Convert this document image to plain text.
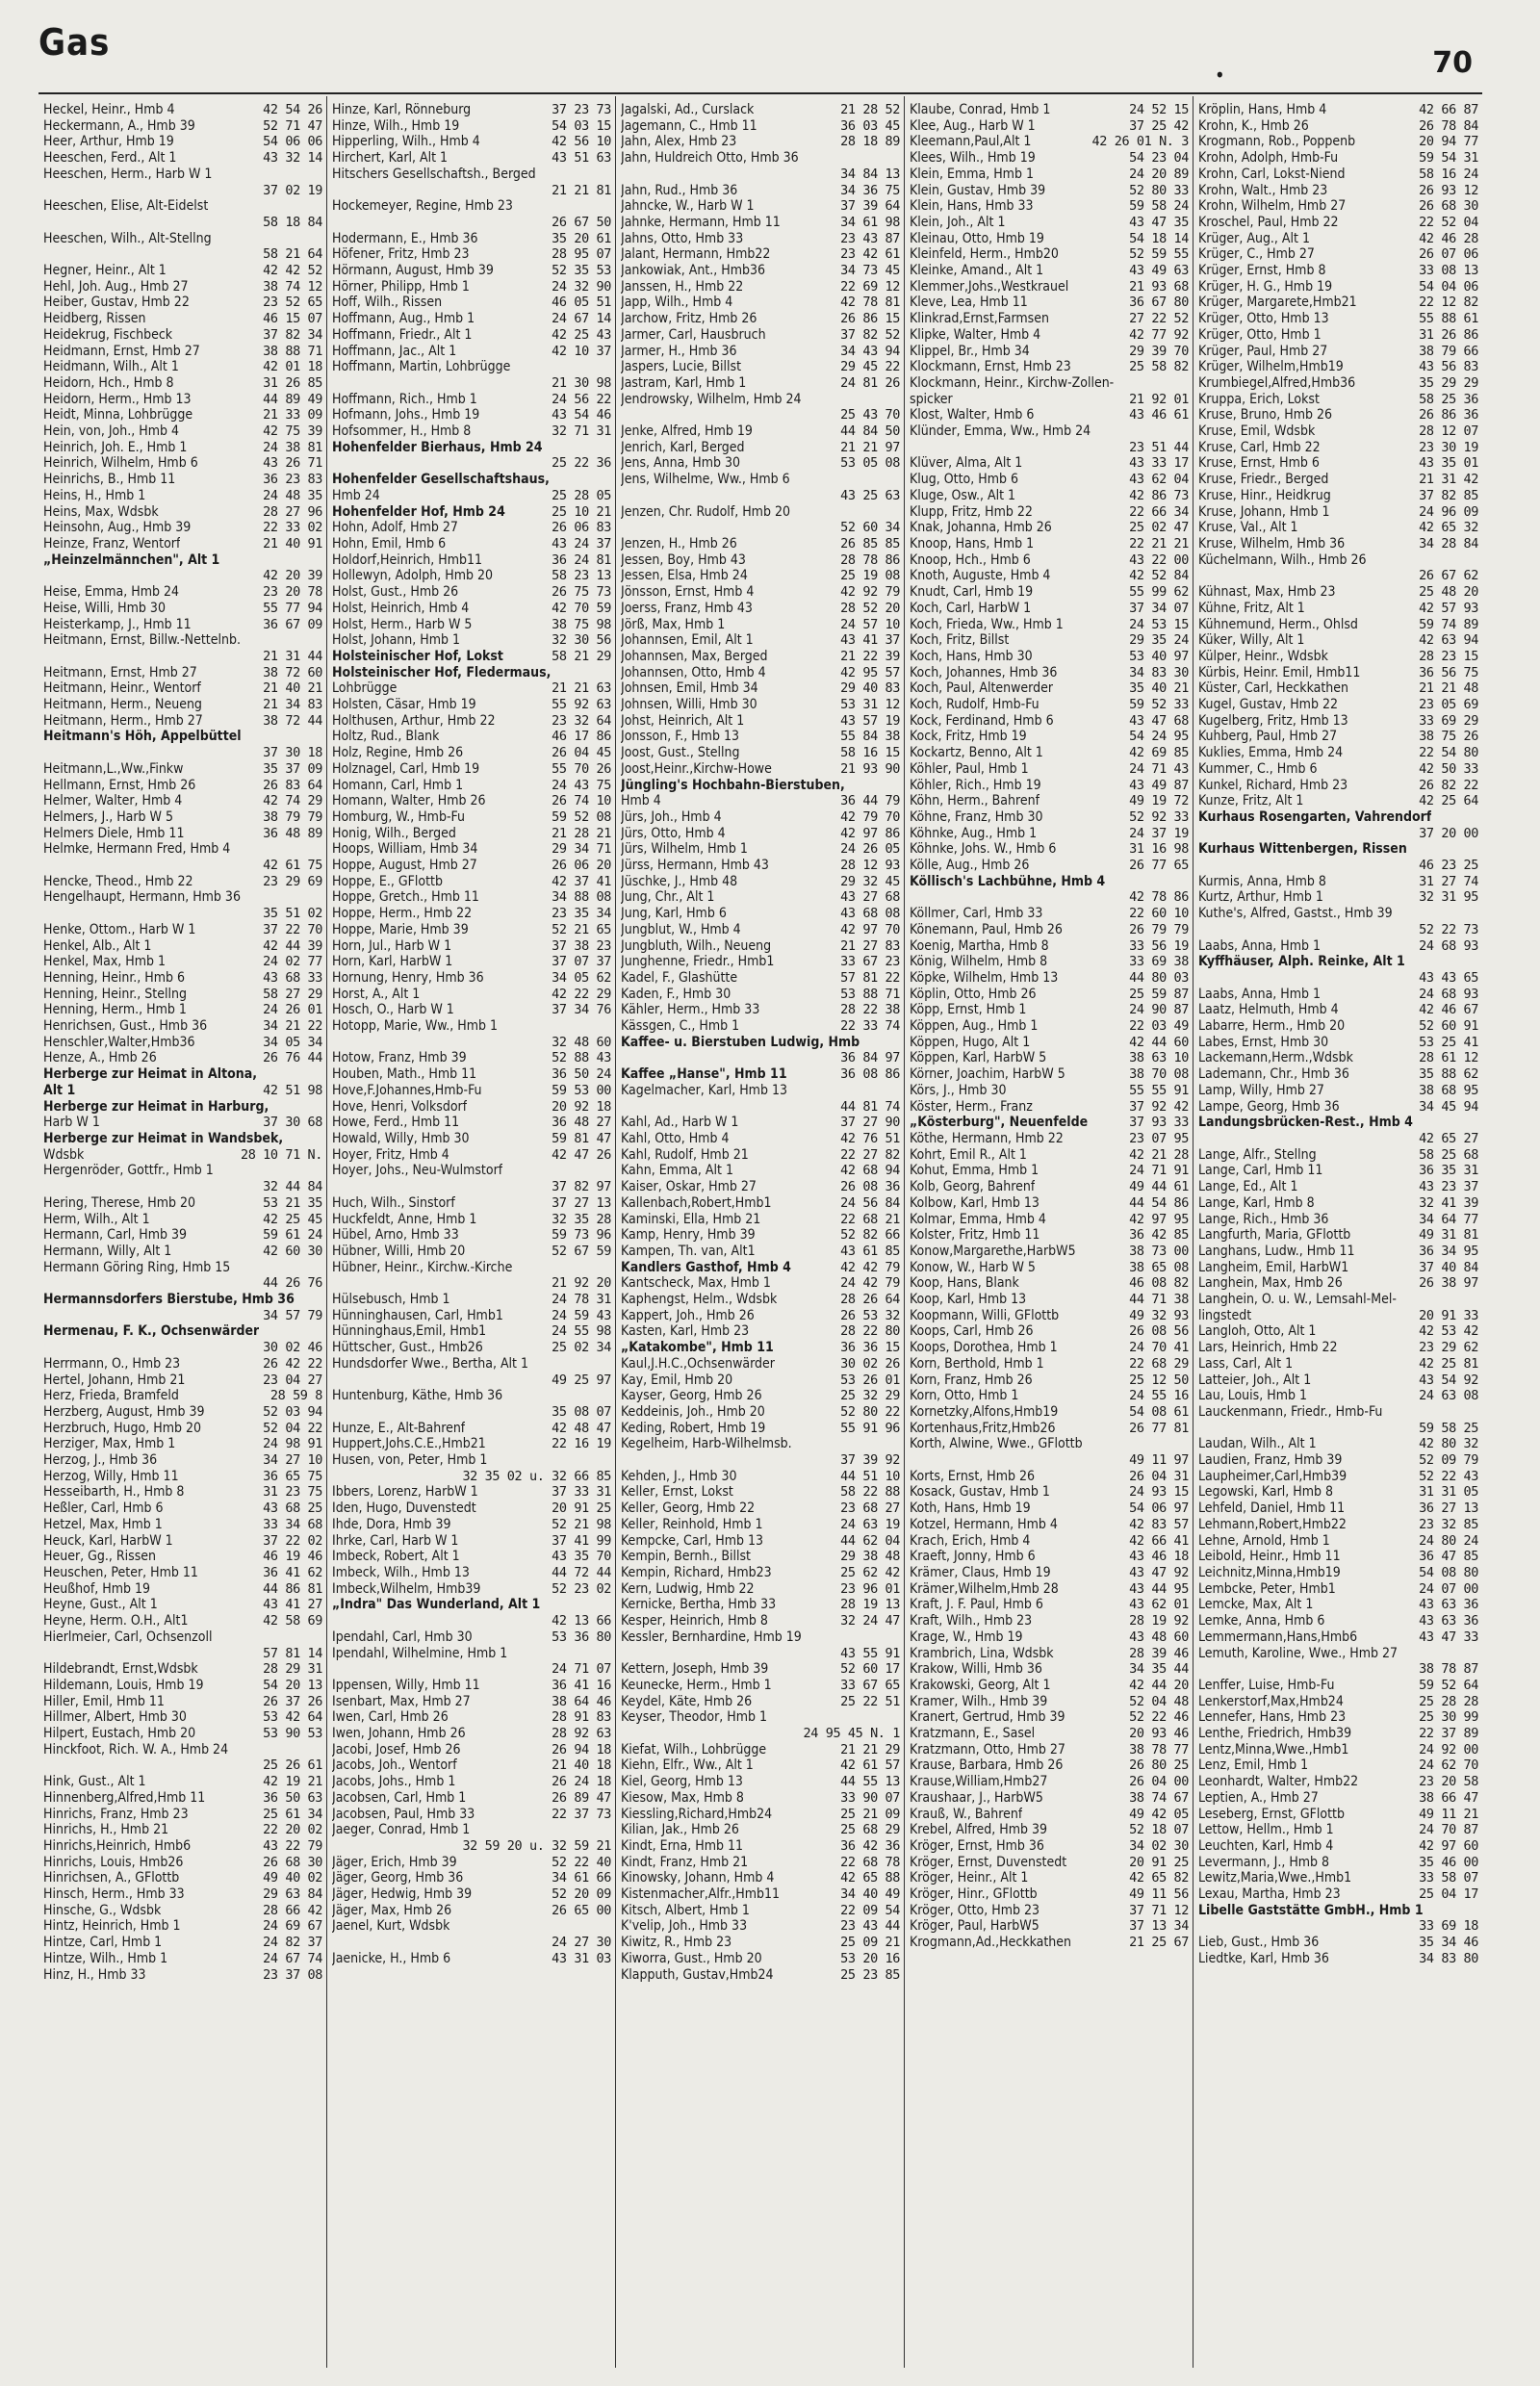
Gas
•	70
Heckel, Heinr., Hmb 4	42 54 26
Heckermann, A., Hmb 39	52 71 47
Heer, Arthur, Hmb 19	54 06 06
Heeschen, Ferd., Alt 1	43 32 14
Heeschen, Herm., Harb W 1
37 02 19
Heeschen, Elise, Alt-Eidelst
58 18 84
Heeschen, Wilh., Alt-Stellng
58 21 64
Hegner, Heinr., Alt 1	42 42 52
Hehl, Joh. Aug., Hmb 27	38 74 12
Heiber, Gustav, Hmb 22	23 52 65
Heidberg, Rissen	46 15 07
Heidekrug, Fischbeck	37 82 34
Heidmann, Ernst, Hmb 27	38 88 71
Heidmann, Wilh., Alt 1	42 01 18
Heidorn, Hch., Hmb 8	31 26 85
Heidorn, Herm., Hmb 13	44 89 49
Heidt, Minna, Lohbrügge	21 33 09
Hein, von, Joh., Hmb 4	42 75 39
Heinrich, Joh. E., Hmb 1	24 38 81
Heinrich, Wilhelm, Hmb 6	43 26 71
Heinrichs, B., Hmb 11	36 23 83
Heins, H., Hmb 1	24 48 35
Heins, Max, Wdsbk	28 27 96
Heinsohn, Aug., Hmb 39	22 33 02
Heinze, Franz, Wentorf	21 40 91
„Heinzelmännchen", Alt 1
42 20 39
Heise, Emma, Hmb 24	23 20 78
Heise, Willi, Hmb 30	55 77 94
Heisterkamp, J., Hmb 11	36 67 09
Heitmann, Ernst, Billw.-Nettelnb.
21 31 44
Heitmann, Ernst, Hmb 27	38 72 60
Heitmann, Heinr., Wentorf	21 40 21
Heitmann, Herm., Neueng	21 34 83
Heitmann, Herm., Hmb 27	38 72 44
Heitmann's Höh, Appelbüttel
37 30 18
Heitmann,L.,Ww.,Finkw	35 37 09
Hellmann, Ernst, Hmb 26	26 83 64
Helmer, Walter, Hmb 4	42 74 29
Helmers, J., Harb W 5	38 79 79
Helmers Diele, Hmb 11	36 48 89
Helmke, Hermann Fred, Hmb 4
42 61 75
Hencke, Theod., Hmb 22	23 29 69
Hengelhaupt, Hermann, Hmb 36
35 51 02
Henke, Ottom., Harb W 1	37 22 70
Henkel, Alb., Alt 1	42 44 39
Henkel, Max, Hmb 1	24 02 77
Henning, Heinr., Hmb 6	43 68 33
Henning, Heinr., Stellng	58 27 29
Henning, Herm., Hmb 1	24 26 01
Henrichsen, Gust., Hmb 36	34 21 22
Henschler,Walter,Hmb36	34 05 34
Henze, A., Hmb 26	26 76 44
Herberge zur Heimat in Altona,
Alt 1	42 51 98
Herberge zur Heimat in Harburg,
Harb W 1	37 30 68
Herberge zur Heimat in Wandsbek,
Wdsbk	28 10 71 N.
Hergenröder, Gottfr., Hmb 1
32 44 84
Hering, Therese, Hmb 20	53 21 35
Herm, Wilh., Alt 1	42 25 45
Hermann, Carl, Hmb 39	59 61 24
Hermann, Willy, Alt 1	42 60 30
Hermann Göring Ring, Hmb 15
44 26 76
Hermannsdorfers Bierstube, Hmb 36
34 57 79
Hermenau, F. K., Ochsenwärder
30 02 46
Herrmann, O., Hmb 23	26 42 22
Hertel, Johann, Hmb 21	23 04 27
Herz, Frieda, Bramfeld	28 59 8
Herzberg, August, Hmb 39	52 03 94
Herzbruch, Hugo, Hmb 20	52 04 22
Herziger, Max, Hmb 1	24 98 91
Herzog, J., Hmb 36	34 27 10
Herzog, Willy, Hmb 11	36 65 75
Hesseibarth, H., Hmb 8	31 23 75
Heßler, Carl, Hmb 6	43 68 25
Hetzel, Max, Hmb 1	33 34 68
Heuck, Karl, HarbW 1	37 22 02
Heuer, Gg., Rissen	46 19 46
Heuschen, Peter, Hmb 11	36 41 62
Heußhof, Hmb 19	44 86 81
Heyne, Gust., Alt 1	43 41 27
Heyne, Herm. O.H., Alt1	42 58 69
Hierlmeier, Carl, Ochsenzoll
57 81 14
Hildebrandt, Ernst,Wdsbk	28 29 31
Hildemann, Louis, Hmb 19	54 20 13
Hiller, Emil, Hmb 11	26 37 26
Hillmer, Albert, Hmb 30	53 42 64
Hilpert, Eustach, Hmb 20	53 90 53
Hinckfoot, Rich. W. A., Hmb 24
25 26 61
Hink, Gust., Alt 1	42 19 21
Hinnenberg,Alfred,Hmb 11	36 50 63
Hinrichs, Franz, Hmb 23	25 61 34
Hinrichs, H., Hmb 21	22 20 02
Hinrichs,Heinrich, Hmb6	43 22 79
Hinrichs, Louis, Hmb26	26 68 30
Hinrichsen, A., GFlottb	49 40 02
Hinsch, Herm., Hmb 33	29 63 84
Hinsche, G., Wdsbk	28 66 42
Hintz, Heinrich, Hmb 1	24 69 67
Hintze, Carl, Hmb 1	24 82 37
Hintze, Wilh., Hmb 1	24 67 74
Hinz, H., Hmb 33	23 37 08
Hinze, Karl, Rönneburg	37 23 73
Hinze, Wilh., Hmb 19	54 03 15
Hipperling, Wilh., Hmb 4	42 56 10
Hirchert, Karl, Alt 1	43 51 63
Hitschers Gesellschaftsh., Berged
21 21 81
Hockemeyer, Regine, Hmb 23
26 67 50
Hodermann, E., Hmb 36	35 20 61
Höfener, Fritz, Hmb 23	28 95 07
Hörmann, August, Hmb 39	52 35 53
Hörner, Philipp, Hmb 1	24 32 90
Hoff, Wilh., Rissen	46 05 51
Hoffmann, Aug., Hmb 1	24 67 14
Hoffmann, Friedr., Alt 1	42 25 43
Hoffmann, Jac., Alt 1	42 10 37
Hoffmann, Martin, Lohbrügge
21 30 98
Hoffmann, Rich., Hmb 1	24 56 22
Hofmann, Johs., Hmb 19	43 54 46
Hofsommer, H., Hmb 8	32 71 31
Hohenfelder Bierhaus, Hmb 24
25 22 36
Hohenfelder Gesellschaftshaus,
Hmb 24	25 28 05
Hohenfelder Hof, Hmb 24	25 10 21
Hohn, Adolf, Hmb 27	26 06 83
Hohn, Emil, Hmb 6	43 24 37
Holdorf,Heinrich, Hmb11	36 24 81
Hollewyn, Adolph, Hmb 20	58 23 13
Holst, Gust., Hmb 26	26 75 73
Holst, Heinrich, Hmb 4	42 70 59
Holst, Herm., Harb W 5	38 75 98
Holst, Johann, Hmb 1	32 30 56
Holsteinischer Hof, Lokst	58 21 29
Holsteinischer Hof, Fledermaus,
Lohbrügge	21 21 63
Holsten, Cäsar, Hmb 19	55 92 63
Holthusen, Arthur, Hmb 22	23 32 64
Holtz, Rud., Blank	46 17 86
Holz, Regine, Hmb 26	26 04 45
Holznagel, Carl, Hmb 19	55 70 26
Homann, Carl, Hmb 1	24 43 75
Homann, Walter, Hmb 26	26 74 10
Homburg, W., Hmb-Fu	59 52 08
Honig, Wilh., Berged	21 28 21
Hoops, William, Hmb 34	29 34 71
Hoppe, August, Hmb 27	26 06 20
Hoppe, E., GFlottb	42 37 41
Hoppe, Gretch., Hmb 11	34 88 08
Hoppe, Herm., Hmb 22	23 35 34
Hoppe, Marie, Hmb 39	52 21 65
Horn, Jul., Harb W 1	37 38 23
Horn, Karl, HarbW 1	37 07 37
Hornung, Henry, Hmb 36	34 05 62
Horst, A., Alt 1	42 22 29
Hosch, O., Harb W 1	37 34 76
Hotopp, Marie, Ww., Hmb 1
32 48 60
Hotow, Franz, Hmb 39	52 88 43
Houben, Math., Hmb 11	36 50 24
Hove,F.Johannes,Hmb-Fu	59 53 00
Hove, Henri, Volksdorf	20 92 18
Howe, Ferd., Hmb 11	36 48 27
Howald, Willy, Hmb 30	59 81 47
Hoyer, Fritz, Hmb 4	42 47 26
Hoyer, Johs., Neu-Wulmstorf
37 82 97
Huch, Wilh., Sinstorf	37 27 13
Huckfeldt, Anne, Hmb 1	32 35 28
Hübel, Arno, Hmb 33	59 73 96
Hübner, Willi, Hmb 20	52 67 59
Hübner, Heinr., Kirchw.-Kirche
21 92 20
Hülsebusch, Hmb 1	24 78 31
Hünninghausen, Carl, Hmb1	24 59 43
Hünninghaus,Emil, Hmb1	24 55 98
Hüttscher, Gust., Hmb26	25 02 34
Hundsdorfer Wwe., Bertha, Alt 1
49 25 97
Huntenburg, Käthe, Hmb 36
35 08 07
Hunze, E., Alt-Bahrenf	42 48 47
Huppert,Johs.C.E.,Hmb21	22 16 19
Husen, von, Peter, Hmb 1
32 35 02 u. 32 66 85
Ibbers, Lorenz, HarbW 1	37 33 31
Iden, Hugo, Duvenstedt	20 91 25
Ihde, Dora, Hmb 39	52 21 98
Ihrke, Carl, Harb W 1	37 41 99
Imbeck, Robert, Alt 1	43 35 70
Imbeck, Wilh., Hmb 13	44 72 44
Imbeck,Wilhelm, Hmb39	52 23 02
„Indra" Das Wunderland, Alt 1
42 13 66
Ipendahl, Carl, Hmb 30	53 36 80
Ipendahl, Wilhelmine, Hmb 1
24 71 07
Ippensen, Willy, Hmb 11	36 41 16
Isenbart, Max, Hmb 27	38 64 46
Iwen, Carl, Hmb 26	28 91 83
Iwen, Johann, Hmb 26	28 92 63
Jacobi, Josef, Hmb 26	26 94 18
Jacobs, Joh., Wentorf	21 40 18
Jacobs, Johs., Hmb 1	26 24 18
Jacobsen, Carl, Hmb 1	26 89 47
Jacobsen, Paul, Hmb 33	22 37 73
Jaeger, Conrad, Hmb 1
32 59 20 u. 32 59 21
Jäger, Erich, Hmb 39	52 22 40
Jäger, Georg, Hmb 36	34 61 66
Jäger, Hedwig, Hmb 39	52 20 09
Jäger, Max, Hmb 26	26 65 00
Jaenel, Kurt, Wdsbk
24 27 30
Jaenicke, H., Hmb 6	43 31 03
Jagalski, Ad., Curslack	21 28 52
Jagemann, C., Hmb 11	36 03 45
Jahn, Alex, Hmb 23	28 18 89
Jahn, Huldreich Otto, Hmb 36
34 84 13
Jahn, Rud., Hmb 36	34 36 75
Jahncke, W., Harb W 1	37 39 64
Jahnke, Hermann, Hmb 11	34 61 98
Jahns, Otto, Hmb 33	23 43 87
Jalant, Hermann, Hmb22	23 42 61
Jankowiak, Ant., Hmb36	34 73 45
Janssen, H., Hmb 22	22 69 12
Japp, Wilh., Hmb 4	42 78 81
Jarchow, Fritz, Hmb 26	26 86 15
Jarmer, Carl, Hausbruch	37 82 52
Jarmer, H., Hmb 36	34 43 94
Jaspers, Lucie, Billst	29 45 22
Jastram, Karl, Hmb 1	24 81 26
Jendrowsky, Wilhelm, Hmb 24
25 43 70
Jenke, Alfred, Hmb 19	44 84 50
Jenrich, Karl, Berged	21 21 97
Jens, Anna, Hmb 30	53 05 08
Jens, Wilhelme, Ww., Hmb 6
43 25 63
Jenzen, Chr. Rudolf, Hmb 20
52 60 34
Jenzen, H., Hmb 26	26 85 85
Jessen, Boy, Hmb 43	28 78 86
Jessen, Elsa, Hmb 24	25 19 08
Jönsson, Ernst, Hmb 4	42 92 79
Joerss, Franz, Hmb 43	28 52 20
Jörß, Max, Hmb 1	24 57 10
Johannsen, Emil, Alt 1	43 41 37
Johannsen, Max, Berged	21 22 39
Johannsen, Otto, Hmb 4	42 95 57
Johnsen, Emil, Hmb 34	29 40 83
Johnsen, Willi, Hmb 30	53 31 12
Johst, Heinrich, Alt 1	43 57 19
Jonsson, F., Hmb 13	55 84 38
Joost, Gust., Stellng	58 16 15
Joost,Heinr.,Kirchw-Howe	21 93 90
Jüngling's Hochbahn-Bierstuben,
Hmb 4	36 44 79
Jürs, Joh., Hmb 4	42 79 70
Jürs, Otto, Hmb 4	42 97 86
Jürs, Wilhelm, Hmb 1	24 26 05
Jürss, Hermann, Hmb 43	28 12 93
Jüschke, J., Hmb 48	29 32 45
Jung, Chr., Alt 1	43 27 68
Jung, Karl, Hmb 6	43 68 08
Jungblut, W., Hmb 4	42 97 70
Jungbluth, Wilh., Neueng	21 27 83
Junghenne, Friedr., Hmb1	33 67 23
Kadel, F., Glashütte	57 81 22
Kaden, F., Hmb 30	53 88 71
Kähler, Herm., Hmb 33	28 22 38
Kässgen, C., Hmb 1	22 33 74
Kaffee- u. Bierstuben Ludwig, Hmb
36 84 97
Kaffee „Hanse", Hmb 11	36 08 86
Kagelmacher, Karl, Hmb 13
44 81 74
Kahl, Ad., Harb W 1	37 27 90
Kahl, Otto, Hmb 4	42 76 51
Kahl, Rudolf, Hmb 21	22 27 82
Kahn, Emma, Alt 1	42 68 94
Kaiser, Oskar, Hmb 27	26 08 36
Kallenbach,Robert,Hmb1	24 56 84
Kaminski, Ella, Hmb 21	22 68 21
Kamp, Henry, Hmb 39	52 82 66
Kampen, Th. van, Alt1	43 61 85
Kandlers Gasthof, Hmb 4	42 42 79
Kantscheck, Max, Hmb 1	24 42 79
Kaphengst, Helm., Wdsbk	28 26 64
Kappert, Joh., Hmb 26	26 53 32
Kasten, Karl, Hmb 23	28 22 80
„Katakombe", Hmb 11	36 36 15
Kaul,J.H.C.,Ochsenwärder	30 02 26
Kay, Emil, Hmb 20	53 26 01
Kayser, Georg, Hmb 26	25 32 29
Keddeinis, Joh., Hmb 20	52 80 22
Keding, Robert, Hmb 19	55 91 96
Kegelheim, Harb-Wilhelmsb.
37 39 92
Kehden, J., Hmb 30	44 51 10
Keller, Ernst, Lokst	58 22 88
Keller, Georg, Hmb 22	23 68 27
Keller, Reinhold, Hmb 1	24 63 19
Kempcke, Carl, Hmb 13	44 62 04
Kempin, Bernh., Billst	29 38 48
Kempin, Richard, Hmb23	25 62 42
Kern, Ludwig, Hmb 22	23 96 01
Kernicke, Bertha, Hmb 33	28 19 13
Kesper, Heinrich, Hmb 8	32 24 47
Kessler, Bernhardine, Hmb 19
43 55 91
Kettern, Joseph, Hmb 39	52 60 17
Keunecke, Herm., Hmb 1	33 67 65
Keydel, Käte, Hmb 26	25 22 51
Keyser, Theodor, Hmb 1
24 95 45 N. 1
Kiefat, Wilh., Lohbrügge	21 21 29
Kiehn, Elfr., Ww., Alt 1	42 61 57
Kiel, Georg, Hmb 13	44 55 13
Kiesow, Max, Hmb 8	33 90 07
Kiessling,Richard,Hmb24	25 21 09
Kilian, Jak., Hmb 26	25 68 29
Kindt, Erna, Hmb 11	36 42 36
Kindt, Franz, Hmb 21	22 68 78
Kinowsky, Johann, Hmb 4	42 65 88
Kistenmacher,Alfr.,Hmb11	34 40 49
Kitsch, Albert, Hmb 1	22 09 54
K'velip, Joh., Hmb 33	23 43 44
Kiwitz, R., Hmb 23	25 09 21
Kiworra, Gust., Hmb 20	53 20 16
Klapputh, Gustav,Hmb24	25 23 85
Klaube, Conrad, Hmb 1	24 52 15
Klee, Aug., Harb W 1	37 25 42
Kleemann,Paul,Alt 1	42 26 01 N. 3
Klees, Wilh., Hmb 19	54 23 04
Klein, Emma, Hmb 1	24 20 89
Klein, Gustav, Hmb 39	52 80 33
Klein, Hans, Hmb 33	59 58 24
Klein, Joh., Alt 1	43 47 35
Kleinau, Otto, Hmb 19	54 18 14
Kleinfeld, Herm., Hmb20	52 59 55
Kleinke, Amand., Alt 1	43 49 63
Klemmer,Johs.,Westkrauel	21 93 68
Kleve, Lea, Hmb 11	36 67 80
Klinkrad,Ernst,Farmsen	27 22 52
Klipke, Walter, Hmb 4	42 77 92
Klippel, Br., Hmb 34	29 39 70
Klockmann, Ernst, Hmb 23	25 58 82
Klockmann, Heinr., Kirchw-Zollen-
spicker	21 92 01
Klost, Walter, Hmb 6	43 46 61
Klünder, Emma, Ww., Hmb 24
23 51 44
Klüver, Alma, Alt 1	43 33 17
Klug, Otto, Hmb 6	43 62 04
Kluge, Osw., Alt 1	42 86 73
Klupp, Fritz, Hmb 22	22 66 34
Knak, Johanna, Hmb 26	25 02 47
Knoop, Hans, Hmb 1	22 21 21
Knoop, Hch., Hmb 6	43 22 00
Knoth, Auguste, Hmb 4	42 52 84
Knudt, Carl, Hmb 19	55 99 62
Koch, Carl, HarbW 1	37 34 07
Koch, Frieda, Ww., Hmb 1	24 53 15
Koch, Fritz, Billst	29 35 24
Koch, Hans, Hmb 30	53 40 97
Koch, Johannes, Hmb 36	34 83 30
Koch, Paul, Altenwerder	35 40 21
Koch, Rudolf, Hmb-Fu	59 52 33
Kock, Ferdinand, Hmb 6	43 47 68
Kock, Fritz, Hmb 19	54 24 95
Kockartz, Benno, Alt 1	42 69 85
Köhler, Paul, Hmb 1	24 71 43
Köhler, Rich., Hmb 19	43 49 87
Köhn, Herm., Bahrenf	49 19 72
Köhne, Franz, Hmb 30	52 92 33
Köhnke, Aug., Hmb 1	24 37 19
Köhnke, Johs. W., Hmb 6	31 16 98
Kölle, Aug., Hmb 26	26 77 65
Köllisch's Lachbühne, Hmb 4
42 78 86
Köllmer, Carl, Hmb 33	22 60 10
Könemann, Paul, Hmb 26	26 79 79
Koenig, Martha, Hmb 8	33 56 19
König, Wilhelm, Hmb 8	33 69 38
Köpke, Wilhelm, Hmb 13	44 80 03
Köplin, Otto, Hmb 26	25 59 87
Köpp, Ernst, Hmb 1	24 90 87
Köppen, Aug., Hmb 1	22 03 49
Köppen, Hugo, Alt 1	42 44 60
Köppen, Karl, HarbW 5	38 63 10
Körner, Joachim, HarbW 5	38 70 08
Körs, J., Hmb 30	55 55 91
Köster, Herm., Franz	37 92 42
„Kösterburg", Neuenfelde	37 93 33
Köthe, Hermann, Hmb 22	23 07 95
Kohrt, Emil R., Alt 1	42 21 28
Kohut, Emma, Hmb 1	24 71 91
Kolb, Georg, Bahrenf	49 44 61
Kolbow, Karl, Hmb 13	44 54 86
Kolmar, Emma, Hmb 4	42 97 95
Kolster, Fritz, Hmb 11	36 42 85
Konow,Margarethe,HarbW5	38 73 00
Konow, W., Harb W 5	38 65 08
Koop, Hans, Blank	46 08 82
Koop, Karl, Hmb 13	44 71 38
Koopmann, Willi, GFlottb	49 32 93
Koops, Carl, Hmb 26	26 08 56
Koops, Dorothea, Hmb 1	24 70 41
Korn, Berthold, Hmb 1	22 68 29
Korn, Franz, Hmb 26	25 12 50
Korn, Otto, Hmb 1	24 55 16
Kornetzky,Alfons,Hmb19	54 08 61
Kortenhaus,Fritz,Hmb26	26 77 81
Korth, Alwine, Wwe., GFlottb
49 11 97
Korts, Ernst, Hmb 26	26 04 31
Kosack, Gustav, Hmb 1	24 93 15
Koth, Hans, Hmb 19	54 06 97
Kotzel, Hermann, Hmb 4	42 83 57
Krach, Erich, Hmb 4	42 66 41
Kraeft, Jonny, Hmb 6	43 46 18
Krämer, Claus, Hmb 19	43 47 92
Krämer,Wilhelm,Hmb 28	43 44 95
Kraft, J. F. Paul, Hmb 6	43 62 01
Kraft, Wilh., Hmb 23	28 19 92
Krage, W., Hmb 19	43 48 60
Krambrich, Lina, Wdsbk	28 39 46
Krakow, Willi, Hmb 36	34 35 44
Krakowski, Georg, Alt 1	42 44 20
Kramer, Wilh., Hmb 39	52 04 48
Kranert, Gertrud, Hmb 39	52 22 46
Kratzmann, E., Sasel	20 93 46
Kratzmann, Otto, Hmb 27	38 78 77
Krause, Barbara, Hmb 26	26 80 25
Krause,William,Hmb27	26 04 00
Kraushaar, J., HarbW5	38 74 67
Krauß, W., Bahrenf	49 42 05
Krebel, Alfred, Hmb 39	52 18 07
Kröger, Ernst, Hmb 36	34 02 30
Kröger, Ernst, Duvenstedt	20 91 25
Kröger, Heinr., Alt 1	42 65 82
Kröger, Hinr., GFlottb	49 11 56
Kröger, Otto, Hmb 23	37 71 12
Kröger, Paul, HarbW5	37 13 34
Krogmann,Ad.,Heckkathen	21 25 67
Kröplin, Hans, Hmb 4	42 66 87
Krohn, K., Hmb 26	26 78 84
Krogmann, Rob., Poppenb	20 94 77
Krohn, Adolph, Hmb-Fu	59 54 31
Krohn, Carl, Lokst-Niend	58 16 24
Krohn, Walt., Hmb 23	26 93 12
Krohn, Wilhelm, Hmb 27	26 68 30
Kroschel, Paul, Hmb 22	22 52 04
Krüger, Aug., Alt 1	42 46 28
Krüger, C., Hmb 27	26 07 06
Krüger, Ernst, Hmb 8	33 08 13
Krüger, H. G., Hmb 19	54 04 06
Krüger, Margarete,Hmb21	22 12 82
Krüger, Otto, Hmb 13	55 88 61
Krüger, Otto, Hmb 1	31 26 86
Krüger, Paul, Hmb 27	38 79 66
Krüger, Wilhelm,Hmb19	43 56 83
Krumbiegel,Alfred,Hmb36	35 29 29
Kruppa, Erich, Lokst	58 25 36
Kruse, Bruno, Hmb 26	26 86 36
Kruse, Emil, Wdsbk	28 12 07
Kruse, Carl, Hmb 22	23 30 19
Kruse, Ernst, Hmb 6	43 35 01
Kruse, Friedr., Berged	21 31 42
Kruse, Hinr., Heidkrug	37 82 85
Kruse, Johann, Hmb 1	24 96 09
Kruse, Val., Alt 1	42 65 32
Kruse, Wilhelm, Hmb 36	34 28 84
Küchelmann, Wilh., Hmb 26
26 67 62
Kühnast, Max, Hmb 23	25 48 20
Kühne, Fritz, Alt 1	42 57 93
Kühnemund, Herm., Ohlsd	59 74 89
Küker, Willy, Alt 1	42 63 94
Külper, Heinr., Wdsbk	28 23 15
Kürbis, Heinr. Emil, Hmb11	36 56 75
Küster, Carl, Heckkathen	21 21 48
Kugel, Gustav, Hmb 22	23 05 69
Kugelberg, Fritz, Hmb 13	33 69 29
Kuhberg, Paul, Hmb 27	38 75 26
Kuklies, Emma, Hmb 24	22 54 80
Kummer, C., Hmb 6	42 50 33
Kunkel, Richard, Hmb 23	26 82 22
Kunze, Fritz, Alt 1	42 25 64
Kurhaus Rosengarten, Vahrendorf
37 20 00
Kurhaus Wittenbergen, Rissen
46 23 25
Kurmis, Anna, Hmb 8	31 27 74
Kurtz, Arthur, Hmb 1	32 31 95
Kuthe's, Alfred, Gastst., Hmb 39
52 22 73
Laabs, Anna, Hmb 1	24 68 93
Kyffhäuser, Alph. Reinke, Alt 1
43 43 65
Laabs, Anna, Hmb 1	24 68 93
Laatz, Helmuth, Hmb 4	42 46 67
Labarre, Herm., Hmb 20	52 60 91
Labes, Ernst, Hmb 30	53 25 41
Lackemann,Herm.,Wdsbk	28 61 12
Lademann, Chr., Hmb 36	35 88 62
Lamp, Willy, Hmb 27	38 68 95
Lampe, Georg, Hmb 36	34 45 94
Landungsbrücken-Rest., Hmb 4
42 65 27
Lange, Alfr., Stellng	58 25 68
Lange, Carl, Hmb 11	36 35 31
Lange, Ed., Alt 1	43 23 37
Lange, Karl, Hmb 8	32 41 39
Lange, Rich., Hmb 36	34 64 77
Langfurth, Maria, GFlottb	49 31 81
Langhans, Ludw., Hmb 11	36 34 95
Langheim, Emil, HarbW1	37 40 84
Langhein, Max, Hmb 26	26 38 97
Langhein, O. u. W., Lemsahl-Mel-
lingstedt	20 91 33
Langloh, Otto, Alt 1	42 53 42
Lars, Heinrich, Hmb 22	23 29 62
Lass, Carl, Alt 1	42 25 81
Latteier, Joh., Alt 1	43 54 92
Lau, Louis, Hmb 1	24 63 08
Lauckenmann, Friedr., Hmb-Fu
59 58 25
Laudan, Wilh., Alt 1	42 80 32
Laudien, Franz, Hmb 39	52 09 79
Laupheimer,Carl,Hmb39	52 22 43
Legowski, Karl, Hmb 8	31 31 05
Lehfeld, Daniel, Hmb 11	36 27 13
Lehmann,Robert,Hmb22	23 32 85
Lehne, Arnold, Hmb 1	24 80 24
Leibold, Heinr., Hmb 11	36 47 85
Leichnitz,Minna,Hmb19	54 08 80
Lembcke, Peter, Hmb1	24 07 00
Lemcke, Max, Alt 1	43 63 36
Lemke, Anna, Hmb 6	43 63 36
Lemmermann,Hans,Hmb6	43 47 33
Lemuth, Karoline, Wwe., Hmb 27
38 78 87
Lenffer, Luise, Hmb-Fu	59 52 64
Lenkerstorf,Max,Hmb24	25 28 28
Lennefer, Hans, Hmb 23	25 30 99
Lenthe, Friedrich, Hmb39	22 37 89
Lentz,Minna,Wwe.,Hmb1	24 92 00
Lenz, Emil, Hmb 1	24 62 70
Leonhardt, Walter, Hmb22	23 20 58
Leptien, A., Hmb 27	38 66 47
Leseberg, Ernst, GFlottb	49 11 21
Lettow, Hellm., Hmb 1	24 70 87
Leuchten, Karl, Hmb 4	42 97 60
Levermann, J., Hmb 8	35 46 00
Lewitz,Maria,Wwe.,Hmb1	33 58 07
Lexau, Martha, Hmb 23	25 04 17
Libelle Gaststätte GmbH., Hmb 1
33 69 18
Lieb, Gust., Hmb 36	35 34 46
Liedtke, Karl, Hmb 36	34 83 80
